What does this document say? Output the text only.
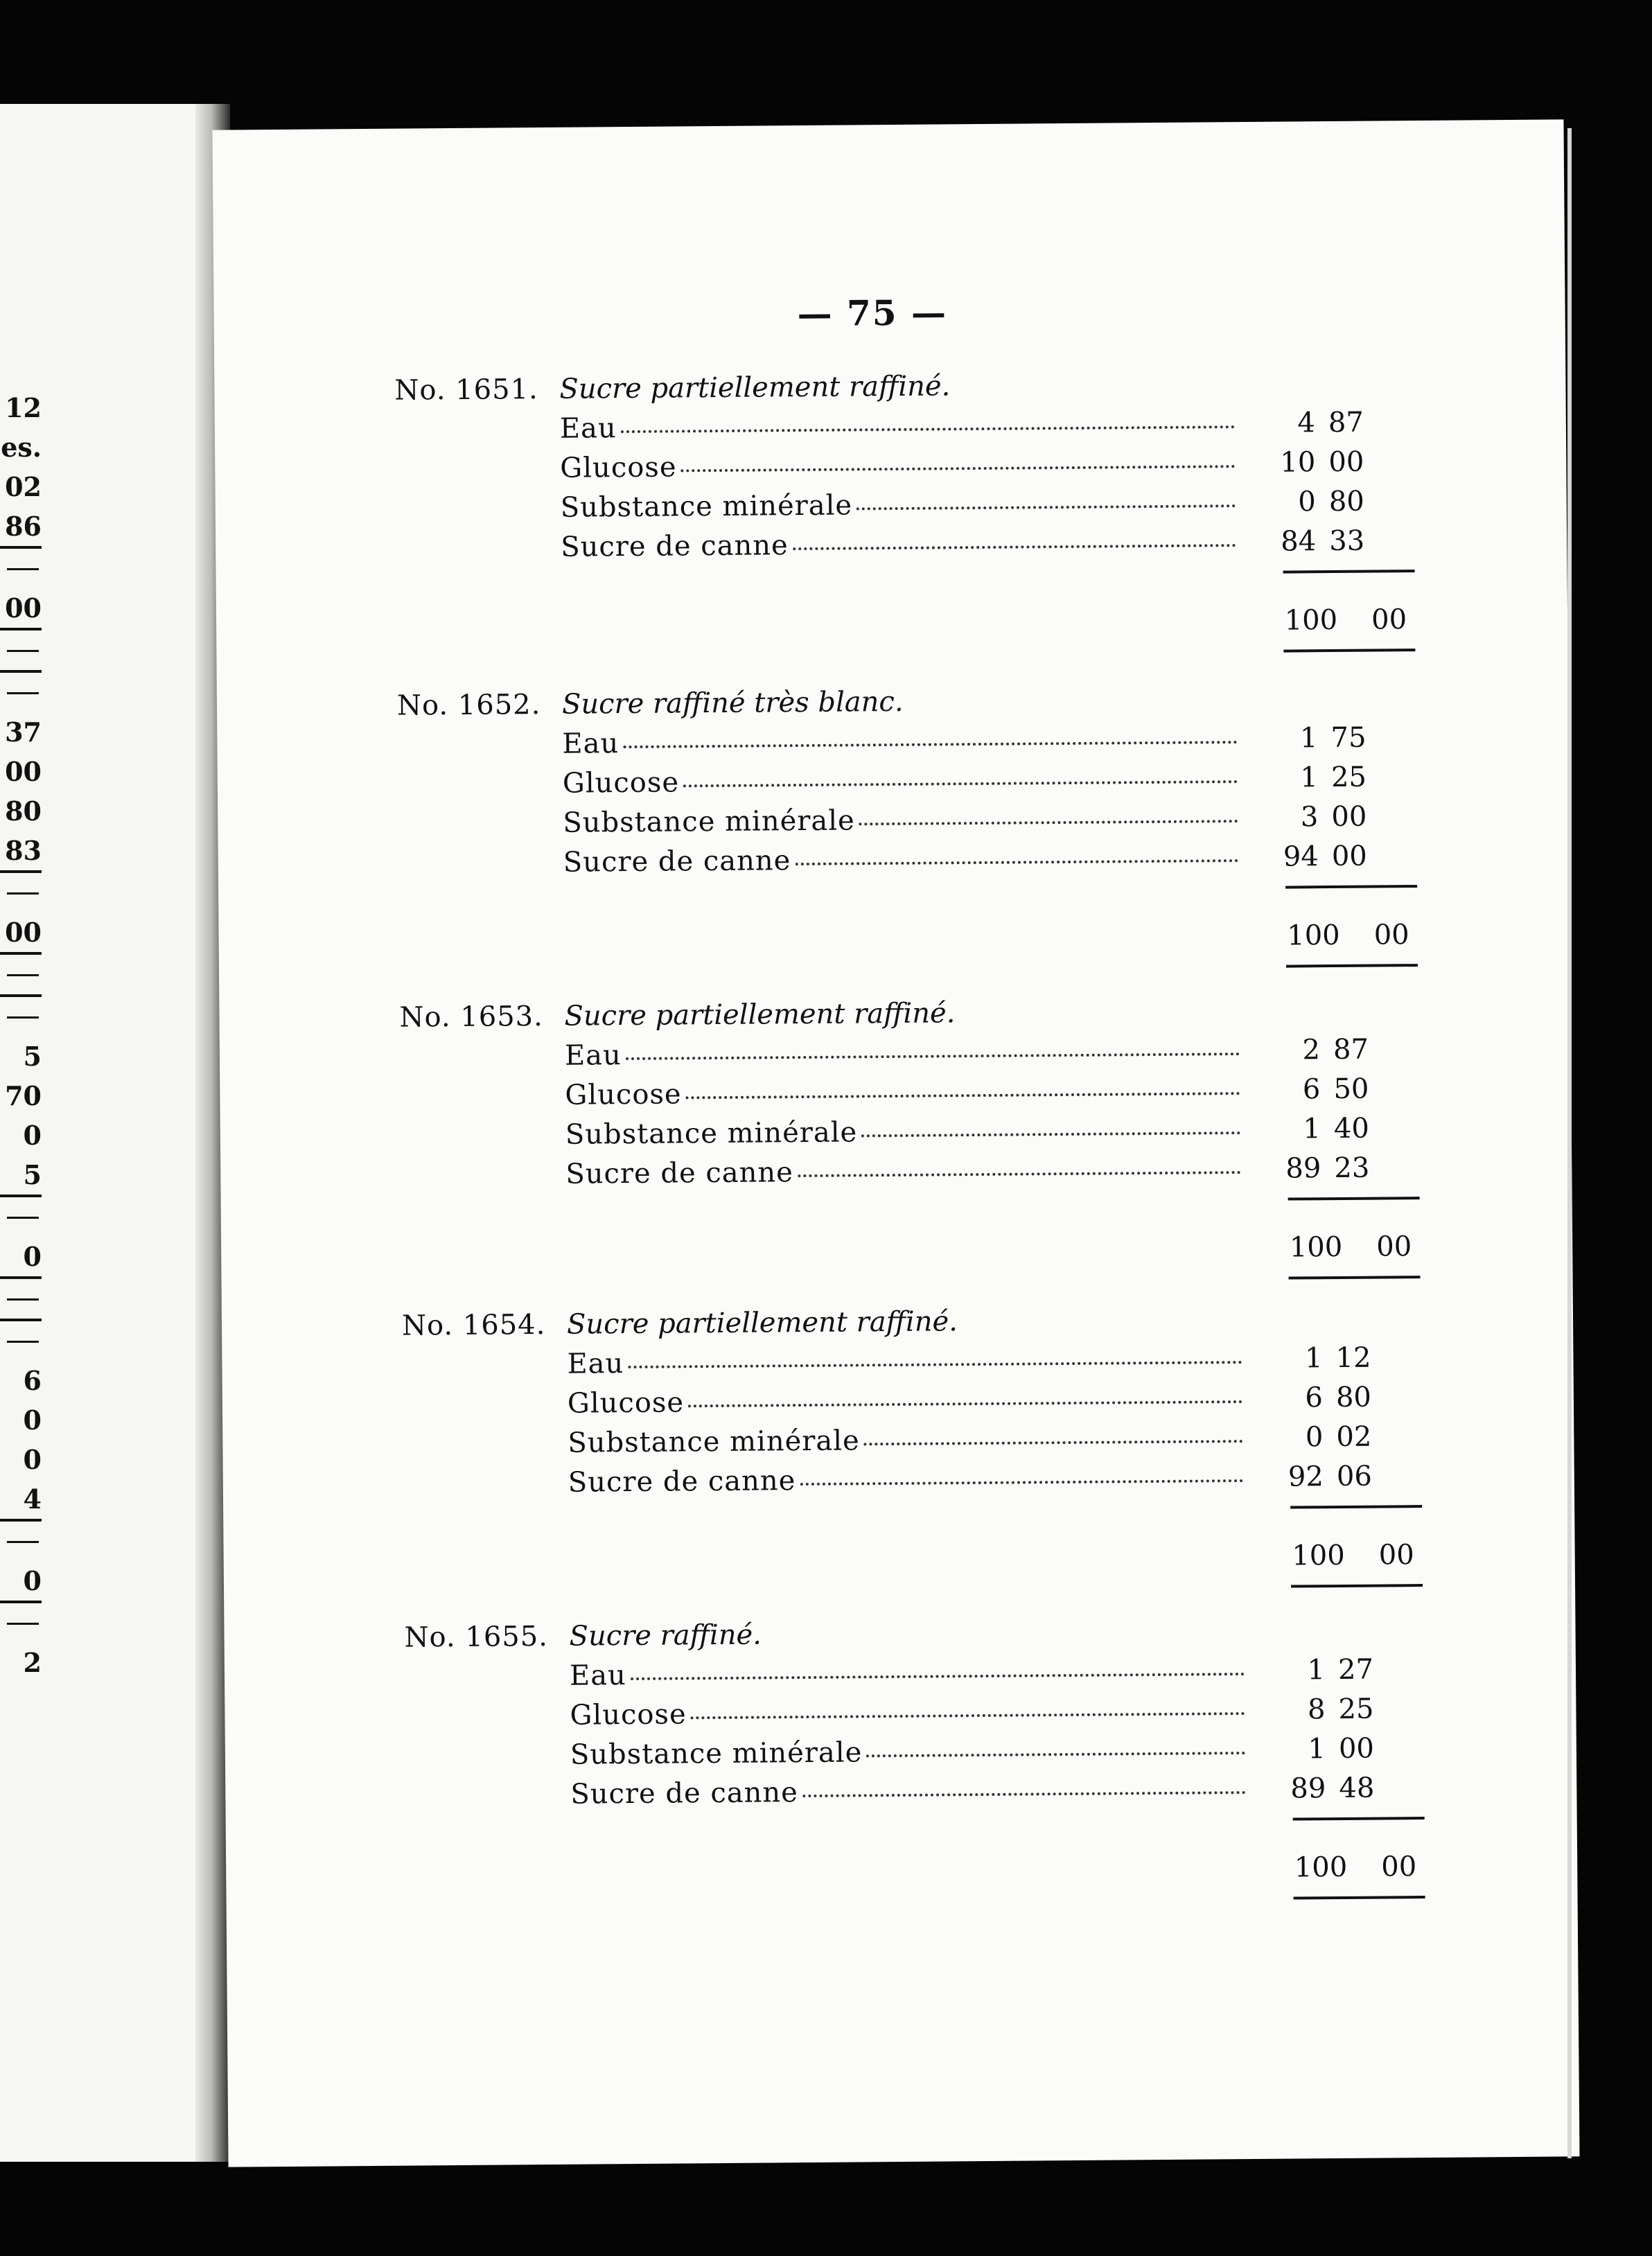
12
es.
02
86
00
37
00
80
83
00
5
70
0
5
0
6
0
0
4
0
2
— 75 —
No. 1651. Sucre partiellement raffiné.
Eau	4 87
Glucose	10 00
Substance minérale	0 80
Sucre de canne	84 33
100	00
No. 1652. Sucre raffiné très blanc.
Eau	1 75
Glucose	1 25
Substance minérale	3 00
Sucre de canne	94 00
100	00
No. 1653. Sucre partiellement raffiné.
Eau	2 87
Glucose	6 50
Substance minérale	1 40
Sucre de canne	89 23
100	00
No. 1654. Sucre partiellement raffiné.
Eau	1 12
Glucose	6 80
Substance minérale	0 02
Sucre de canne	92 06
100	00
No. 1655. Sucre raffiné.
Eau	1 27
Glucose	8 25
Substance minérale	1 00
Sucre de canne	89 48
100	00
